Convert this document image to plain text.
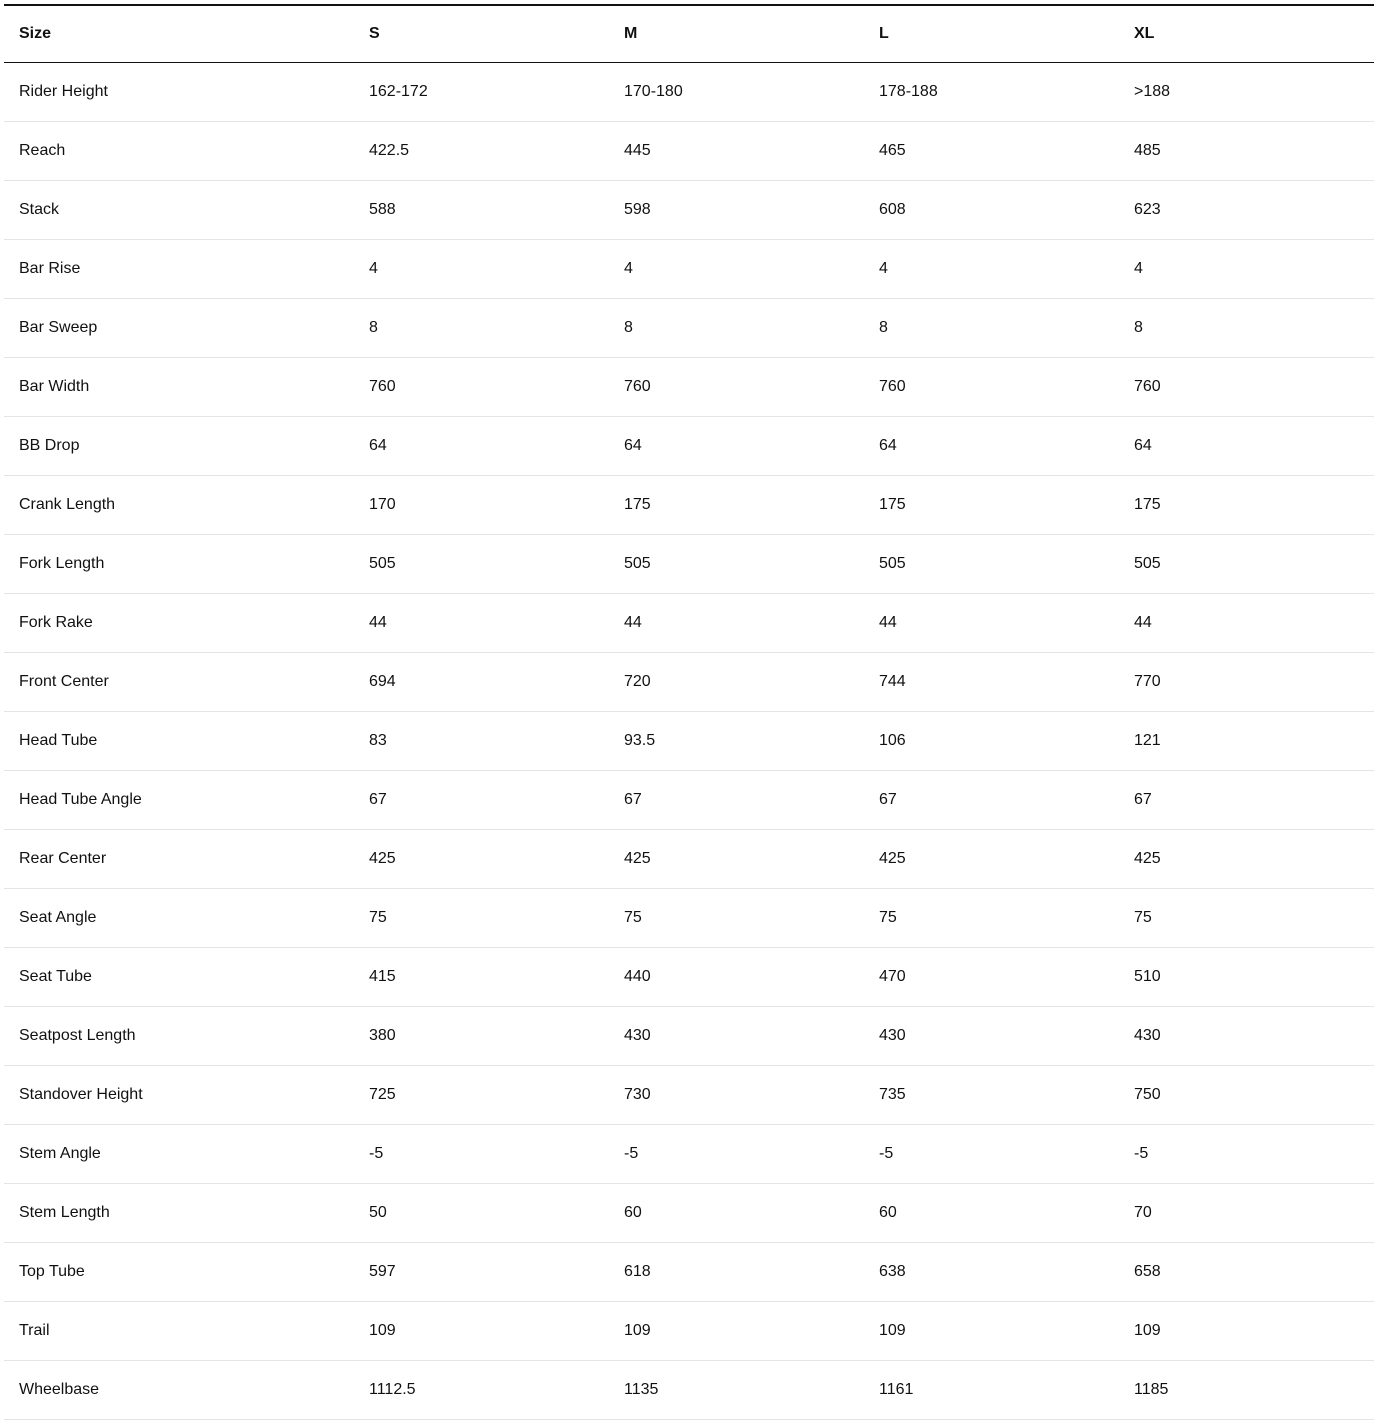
Size	S	M	L	XL
Rider Height	162-172	170-180	178-188	>188
Reach	422.5	445	465	485
Stack	588	598	608	623
Bar Rise	4	4	4	4
Bar Sweep	8	8	8	8
Bar Width	760	760	760	760
BB Drop	64	64	64	64
Crank Length	170	175	175	175
Fork Length	505	505	505	505
Fork Rake	44	44	44	44
Front Center	694	720	744	770
Head Tube	83	93.5	106	121
Head Tube Angle	67	67	67	67
Rear Center	425	425	425	425
Seat Angle	75	75	75	75
Seat Tube	415	440	470	510
Seatpost Length	380	430	430	430
Standover Height	725	730	735	750
Stem Angle	-5	-5	-5	-5
Stem Length	50	60	60	70
Top Tube	597	618	638	658
Trail	109	109	109	109
Wheelbase	1112.5	1135	1161	1185
